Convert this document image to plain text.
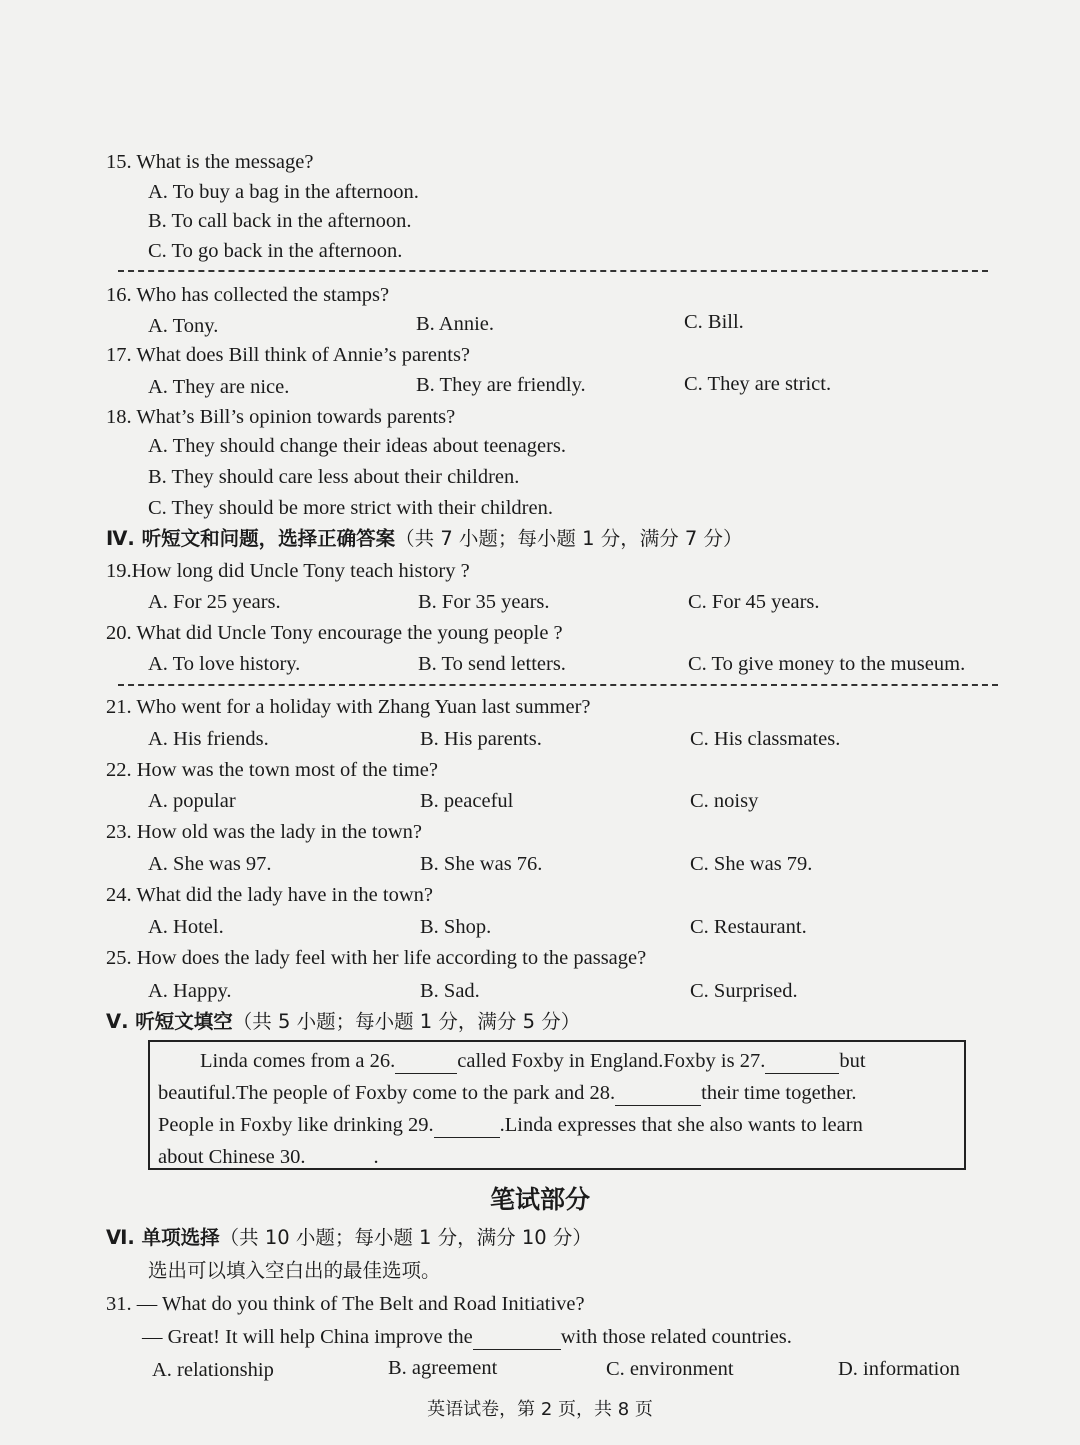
15. What is the message?
A. To buy a bag in the afternoon.
B. To call back in the afternoon.
C. To go back in the afternoon.
16. Who has collected the stamps?
A. Tony.	B. Annie.	C. Bill.
17. What does Bill think of Annie’s parents?
A. They are nice.	B. They are friendly.	C. They are strict.
18. What’s Bill’s opinion towards parents?
A. They should change their ideas about teenagers.
B. They should care less about their children.
C. They should be more strict with their children.
Ⅳ. 听短文和问题，选择正确答案（共 7 小题；每小题 1 分，满分 7 分）
19.How long did Uncle Tony teach history ?
A. For 25 years.	B. For 35 years.	C. For 45 years.
20. What did Uncle Tony encourage the young people ?
A. To love history.	B. To send letters.	C. To give money to the museum.
21. Who went for a holiday with Zhang Yuan last summer?
A. His friends.	B. His parents.	C. His classmates.
22. How was the town most of the time?
A. popular	B. peaceful	C. noisy
23. How old was the lady in the town?
A. She was 97.	B. She was 76.	C. She was 79.
24. What did the lady have in the town?
A. Hotel.	B. Shop.	C. Restaurant.
25. How does the lady feel with her life according to the passage?
A. Happy.	B. Sad.	C. Surprised.
Ⅴ. 听短文填空（共 5 小题；每小题 1 分，满分 5 分）
Linda comes from a 26.	called Foxby in England.Foxby is 27.	but
beautiful.The people of Foxby come to the park and 28.	their time together.
People in Foxby like drinking 29.	.Linda expresses that she also wants to learn
about Chinese 30.	.
笔试部分
Ⅵ. 单项选择（共 10 小题；每小题 1 分，满分 10 分）
选出可以填入空白出的最佳选项。
31. — What do you think of The Belt and Road Initiative?
— Great! It will help China improve the	with those related countries.
A. relationship	B. agreement	C. environment	D. information
英语试卷，第 2 页，共 8 页
